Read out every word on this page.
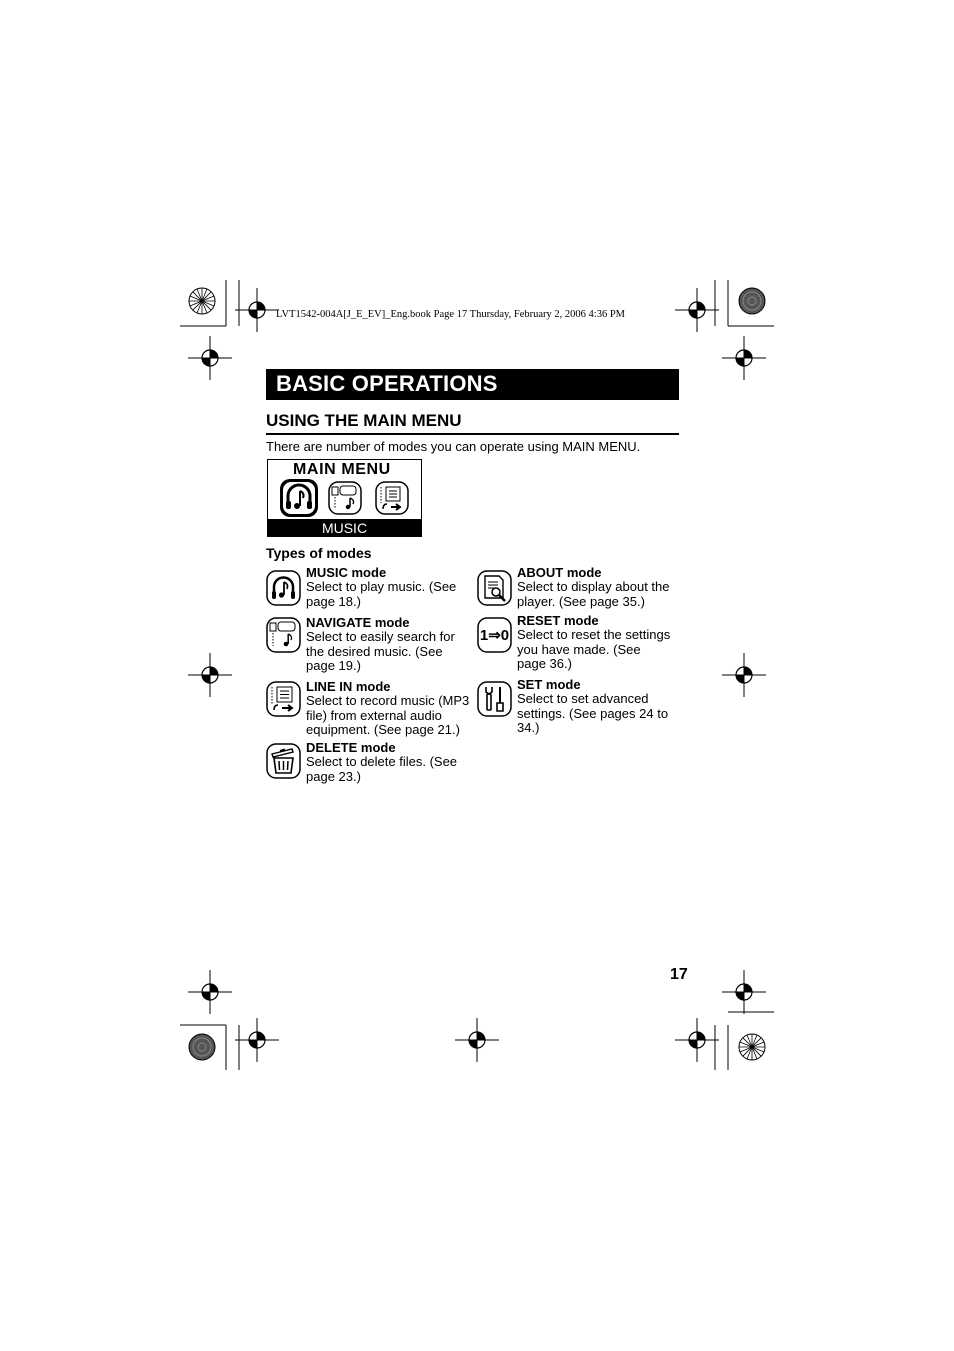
LVT1542-004A[J_E_EV]_Eng.book Page 17 Thursday, February 2, 2006 4:36 PM
BASIC OPERATIONS
USING THE MAIN MENU
There are number of modes you can operate using MAIN MENU.
MAIN MENU
MUSIC
Types of modes
1⇒0
MUSIC mode
Select to play music. (See
page 18.)
NAVIGATE mode
Select to easily search for
the desired music. (See
page 19.)
LINE IN mode
Select to record music (MP3
file) from external audio
equipment. (See page 21.)
DELETE mode
Select to delete files. (See
page 23.)
ABOUT mode
Select to display about the
player. (See page 35.)
RESET mode
Select to reset the settings
you have made. (See
page 36.)
SET mode
Select to set advanced
settings. (See pages 24 to
34.)
17
